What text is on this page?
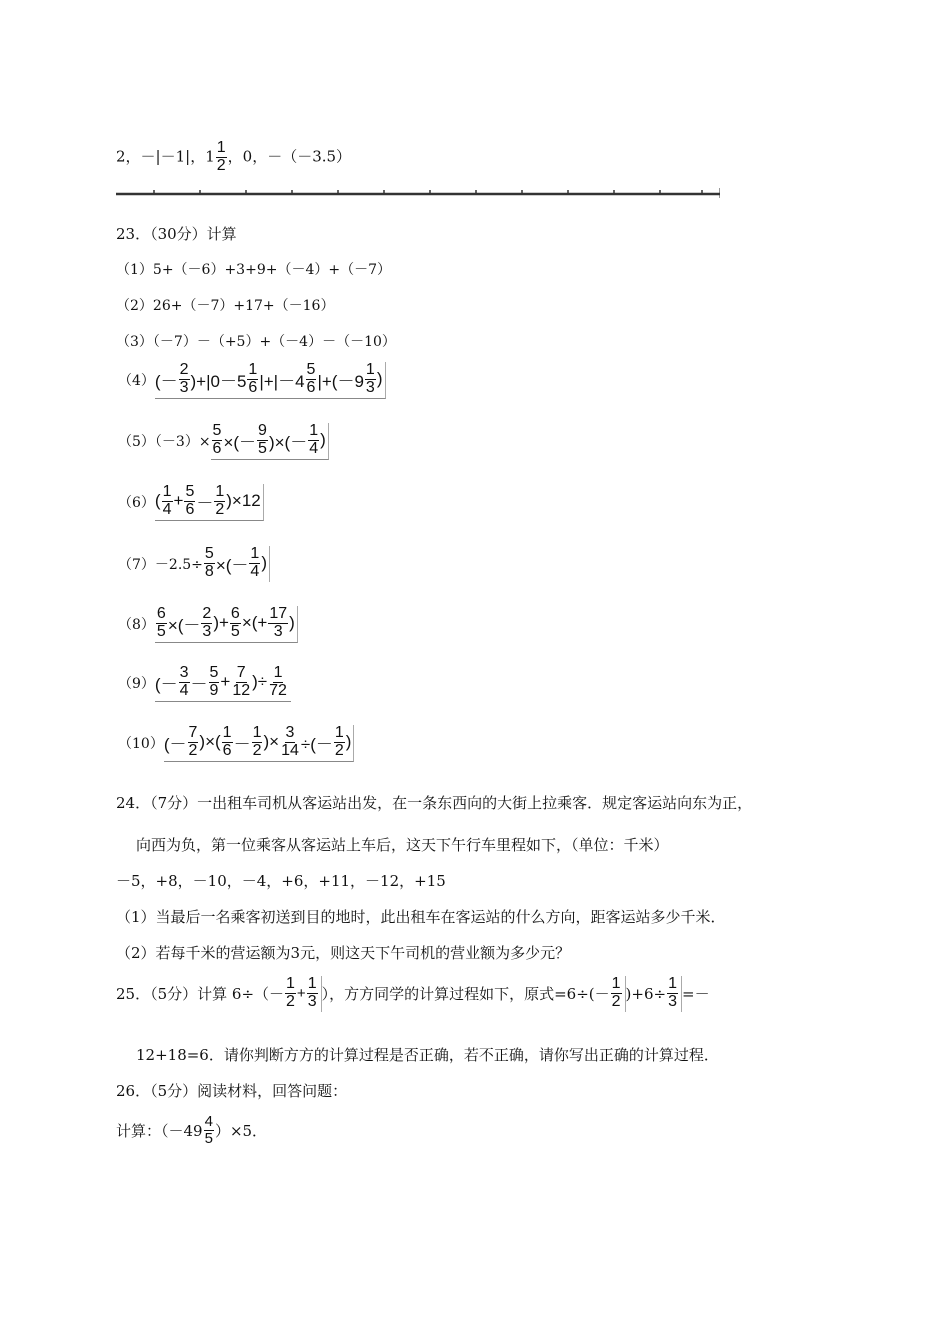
2，－|－1|，$1 \frac{1}{2}$ ，0，－（－3.5）
23．（30分）计算
（1）5+（－6）+3+9+（－4）+（－7）
（2）26+（－7）+17+（－16）
（3）（－7）－（+5）+（－4）－（－10）
（4） (－ $\frac{2}{3} )+|0-5 \frac{1}{6} |+|-4 \frac{5}{6} |+(-9 \frac{1}{3}$ )
$(5)(-3)\times \frac{5}{6}$ ×(－ $\frac{9}{5}$ )×(－ $\frac{1}{4}$ )
（6） ( $\frac{1}{4} + \frac{5}{6} - \frac{1}{2} )\times 12$
$(7)-2.5\div \frac{5}{8}$ ×(－ $\frac{1}{4}$ )
$(8) \frac{6}{5}$ ×(－ $\frac{2}{3}$ )+ $\frac{6}{5}$ ×(+ $\frac{17}{3}$ )
（9） (－ $\frac{3}{4} - \frac{5}{9} + \frac{7}{12}$ )÷ $\frac{1}{72}$
（10） (－ $\frac{7}{2}$ )×( $\frac{1}{6} - \frac{1}{2}$ )× $\frac{3}{14}$ ÷(－ $\frac{1}{2}$ )
24．（7分）一出租车司机从客运站出发，在一条东西向的大街上拉乘客．规定客运站向东为正，
向西为负，第一位乘客从客运站上车后，这天下午行车里程如下，（单位：千米）
－5，+8，－10，－4，+6，+11，－12，+15
（1）当最后一名乘客初送到目的地时，此出租车在客运站的什么方向，距客运站多少千米．
（2）若每千米的营运额为3元，则这天下午司机的营业额为多少元？
25．（5分）计算 $6\div(- \frac{1}{2} + \frac{1}{3}$ ），方方同学的计算过程如下，原式$=6\div(- \frac{1}{2} )+6\div \frac{1}{3}$ =－
12+18=6．请你判断方方的计算过程是否正确，若不正确，请你写出正确的计算过程．
26．（5分）阅读材料，回答问题：
计算：$(-49 \frac{4}{5} )\times 5$．
